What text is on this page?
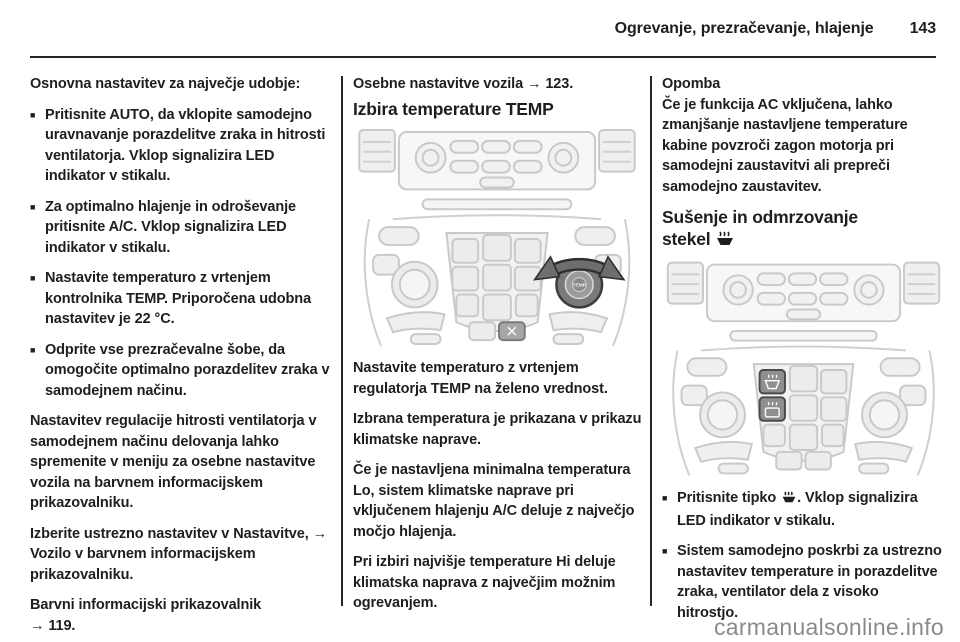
Ogrevanje, prezračevanje, hlajenje 143

Osnovna nastavitev za največje udobje:

■ Pritisnite AUTO, da vklopite samodejno uravnavanje porazdelitve zraka in hitrosti ventilatorja. Vklop signalizira LED indikator v stikalu.
■ Za optimalno hlajenje in odroševanje pritisnite A/C. Vklop signalizira LED indikator v stikalu.
■ Nastavite temperaturo z vrtenjem kontrolnika TEMP. Priporočena udobna nastavitev je 22 °C.
■ Odprite vse prezračevalne šobe, da omogočite optimalno porazdelitev zraka v samodejnem načinu.

Nastavitev regulacije hitrosti ventilatorja v samodejnem načinu delovanja lahko spremenite v meniju za osebne nastavitve vozila na barvnem informacijskem prikazovalniku.

Izberite ustrezno nastavitev v Nastavitve, → Vozilo v barvnem informacijskem prikazovalniku.

Barvni informacijski prikazovalnik
→ 119.

Osebne nastavitve vozila → 123.

Izbira temperature TEMP
TEMP

Nastavite temperaturo z vrtenjem regulatorja TEMP na želeno vrednost.

Izbrana temperatura je prikazana v prikazu klimatske naprave.

Če je nastavljena minimalna temperatura Lo, sistem klimatske naprave pri vključenem hlajenju A/C deluje z največjo močjo hlajenja.

Pri izbiri najvišje temperature Hi deluje klimatska naprava z največjim možnim ogrevanjem.

Opomba

Če je funkcija AC vključena, lahko zmanjšanje nastavljene temperature kabine povzroči zagon motorja pri samodejni zaustavitvi ali prepreči samodejno zaustavitev.

Sušenje in odmrzovanje
stekel
■ Pritisnite tipko . Vklop signalizira LED indikator v stikalu.
■ Sistem samodejno poskrbi za ustrezno nastavitev temperature in porazdelitve zraka, ventilator dela z visoko hitrostjo.
carmanualsonline.info
